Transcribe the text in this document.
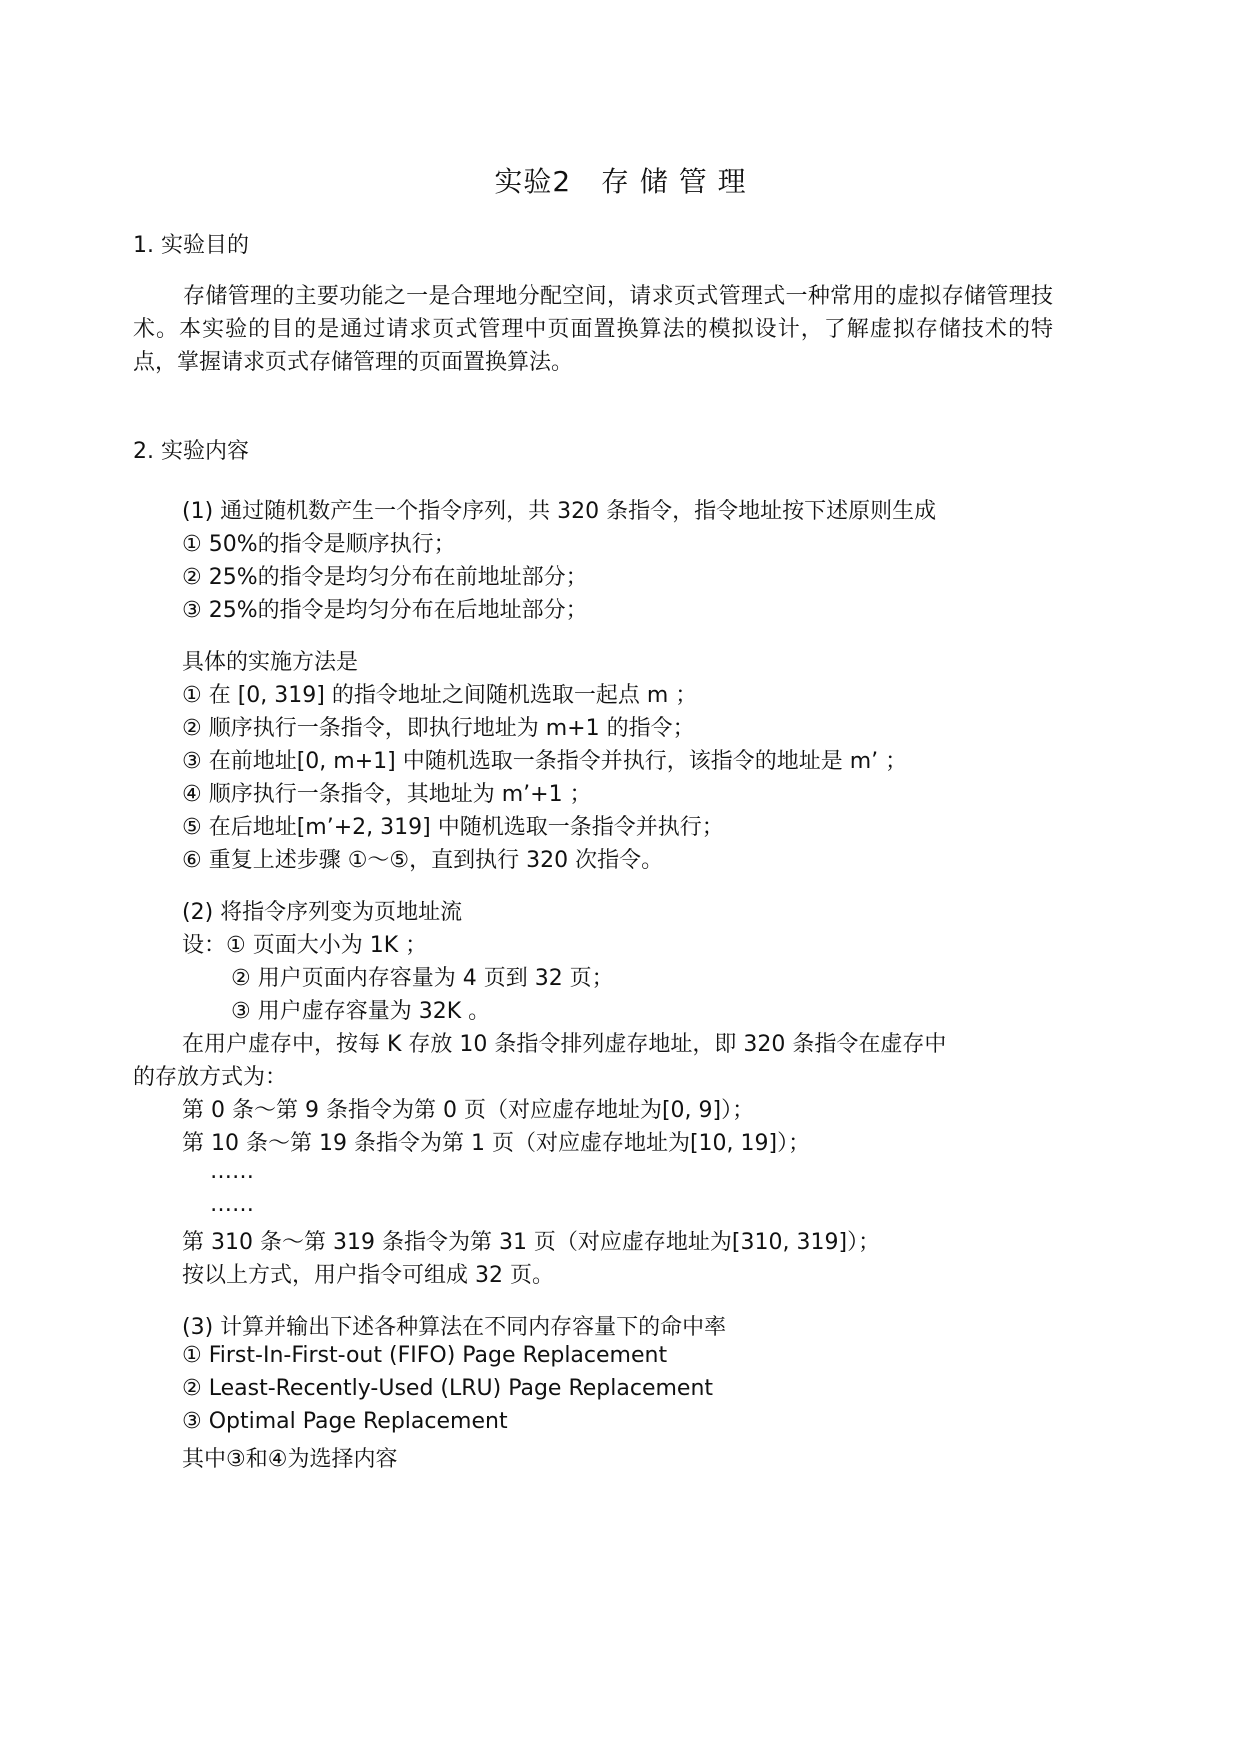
实验2   存 储 管 理
1. 实验目的
存储管理的主要功能之一是合理地分配空间，请求页式管理式一种常用的虚拟存储管理技术。本实验的目的是通过请求页式管理中页面置换算法的模拟设计，了解虚拟存储技术的特点，掌握请求页式存储管理的页面置换算法。
2. 实验内容
(1) 通过随机数产生一个指令序列，共 320 条指令，指令地址按下述原则生成
① 50%的指令是顺序执行；
② 25%的指令是均匀分布在前地址部分；
③ 25%的指令是均匀分布在后地址部分；
具体的实施方法是
① 在 [0, 319] 的指令地址之间随机选取一起点 m ；
② 顺序执行一条指令，即执行地址为 m+1 的指令；
③ 在前地址[0, m+1] 中随机选取一条指令并执行，该指令的地址是 m’ ；
④ 顺序执行一条指令，其地址为 m’+1 ；
⑤ 在后地址[m’+2, 319] 中随机选取一条指令并执行；
⑥ 重复上述步骤 ①～⑤，直到执行 320 次指令。
(2) 将指令序列变为页地址流
设：① 页面大小为 1K ；
② 用户页面内存容量为 4 页到 32 页；
③ 用户虚存容量为 32K 。
在用户虚存中，按每 K 存放 10 条指令排列虚存地址，即 320 条指令在虚存中
的存放方式为：
第 0 条～第 9 条指令为第 0 页（对应虚存地址为[0, 9]）；
第 10 条～第 19 条指令为第 1 页（对应虚存地址为[10, 19]）；
……
……
第 310 条～第 319 条指令为第 31 页（对应虚存地址为[310, 319]）；
按以上方式，用户指令可组成 32 页。
(3) 计算并输出下述各种算法在不同内存容量下的命中率
① First-In-First-out (FIFO) Page Replacement
② Least-Recently-Used (LRU) Page Replacement
③ Optimal Page Replacement
其中③和④为选择内容
